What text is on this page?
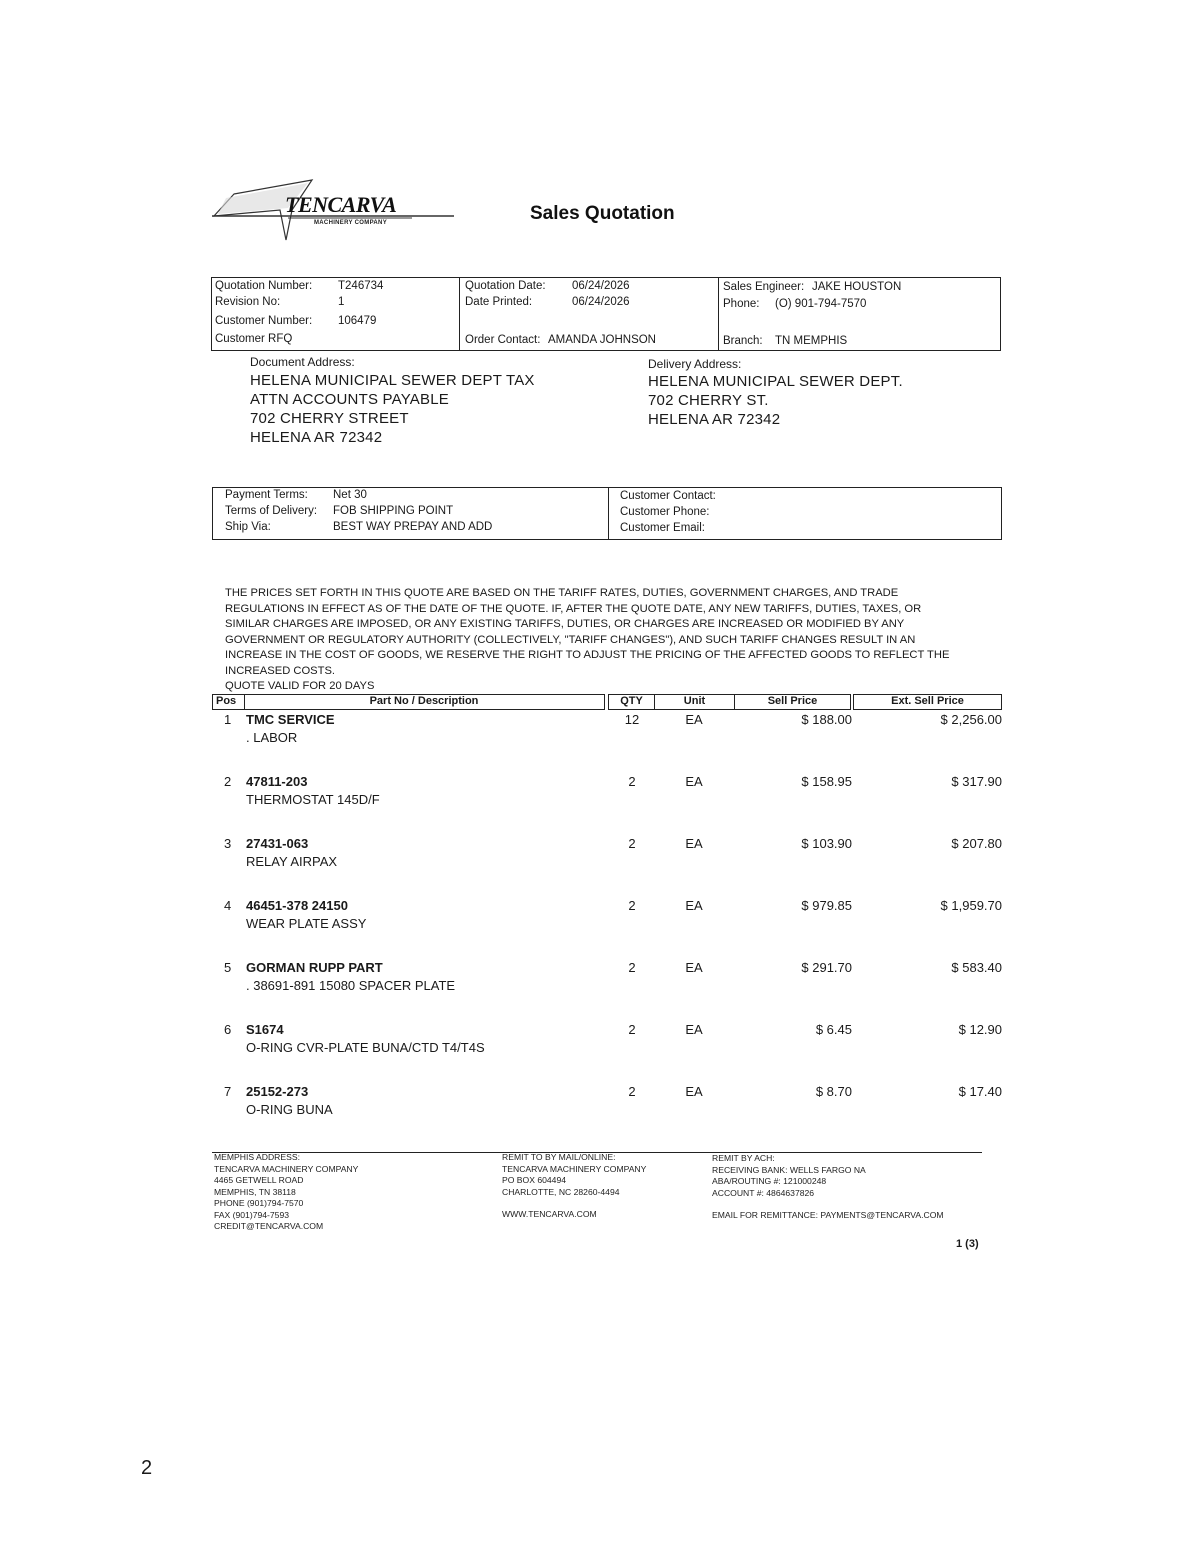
TENCARVA
MACHINERY COMPANY	Sales Quotation
Quotation Number: T246734
Revision No:	1
Customer Number: 106479
Customer RFQ
Quotation Date: 06/24/2026
Date Printed:	06/24/2026
Order Contact: AMANDA JOHNSON
Sales Engineer: JAKE HOUSTON
Phone: (O) 901-794-7570
Branch: TN MEMPHIS
Document Address:
HELENA MUNICIPAL SEWER DEPT TAX
ATTN ACCOUNTS PAYABLE
702 CHERRY STREET
HELENA AR 72342
Delivery Address:
HELENA MUNICIPAL SEWER DEPT.
702 CHERRY ST.
HELENA AR 72342
Payment Terms: Net 30
Terms of Delivery: FOB SHIPPING POINT
Ship Via:	BEST WAY PREPAY AND ADD
Customer Contact:
Customer Phone:
Customer Email:

THE PRICES SET FORTH IN THIS QUOTE ARE BASED ON THE TARIFF RATES, DUTIES, GOVERNMENT CHARGES, AND TRADE

REGULATIONS IN EFFECT AS OF THE DATE OF THE QUOTE. IF, AFTER THE QUOTE DATE, ANY NEW TARIFFS, DUTIES, TAXES, OR

SIMILAR CHARGES ARE IMPOSED, OR ANY EXISTING TARIFFS, DUTIES, OR CHARGES ARE INCREASED OR MODIFIED BY ANY

GOVERNMENT OR REGULATORY AUTHORITY (COLLECTIVELY, "TARIFF CHANGES"), AND SUCH TARIFF CHANGES RESULT IN AN

INCREASE IN THE COST OF GOODS, WE RESERVE THE RIGHT TO ADJUST THE PRICING OF THE AFFECTED GOODS TO REFLECT THE

INCREASED COSTS.

QUOTE VALID FOR 20 DAYS

Pos	Part No / Description	QTY	Unit	Sell Price	Ext. Sell Price
1 TMC SERVICE
. LABOR
12	EA	$ 188.00	$ 2,256.00
2 47811-203
THERMOSTAT 145D/F
2	EA	$ 158.95	$ 317.90
3 27431-063
RELAY AIRPAX
2	EA	$ 103.90	$ 207.80
4 46451-378 24150
WEAR PLATE ASSY
2	EA	$ 979.85	$ 1,959.70
5 GORMAN RUPP PART
. 38691-891 15080 SPACER PLATE
2	EA	$ 291.70	$ 583.40
6 S1674
O-RING CVR-PLATE BUNA/CTD T4/T4S
2	EA	$ 6.45	$ 12.90
7 25152-273
O-RING BUNA
2	EA	$ 8.70	$ 17.40
MEMPHIS ADDRESS:
TENCARVA MACHINERY COMPANY
4465 GETWELL ROAD
MEMPHIS, TN 38118
PHONE (901)794-7570
FAX (901)794-7593
CREDIT@TENCARVA.COM
REMIT TO BY MAIL/ONLINE:
TENCARVA MACHINERY COMPANY
PO BOX 604494
CHARLOTTE, NC 28260-4494
WWW.TENCARVA.COM
REMIT BY ACH:
RECEIVING BANK: WELLS FARGO NA
ABA/ROUTING #: 121000248
ACCOUNT #: 4864637826
EMAIL FOR REMITTANCE: PAYMENTS@TENCARVA.COM
1 (3)
2
